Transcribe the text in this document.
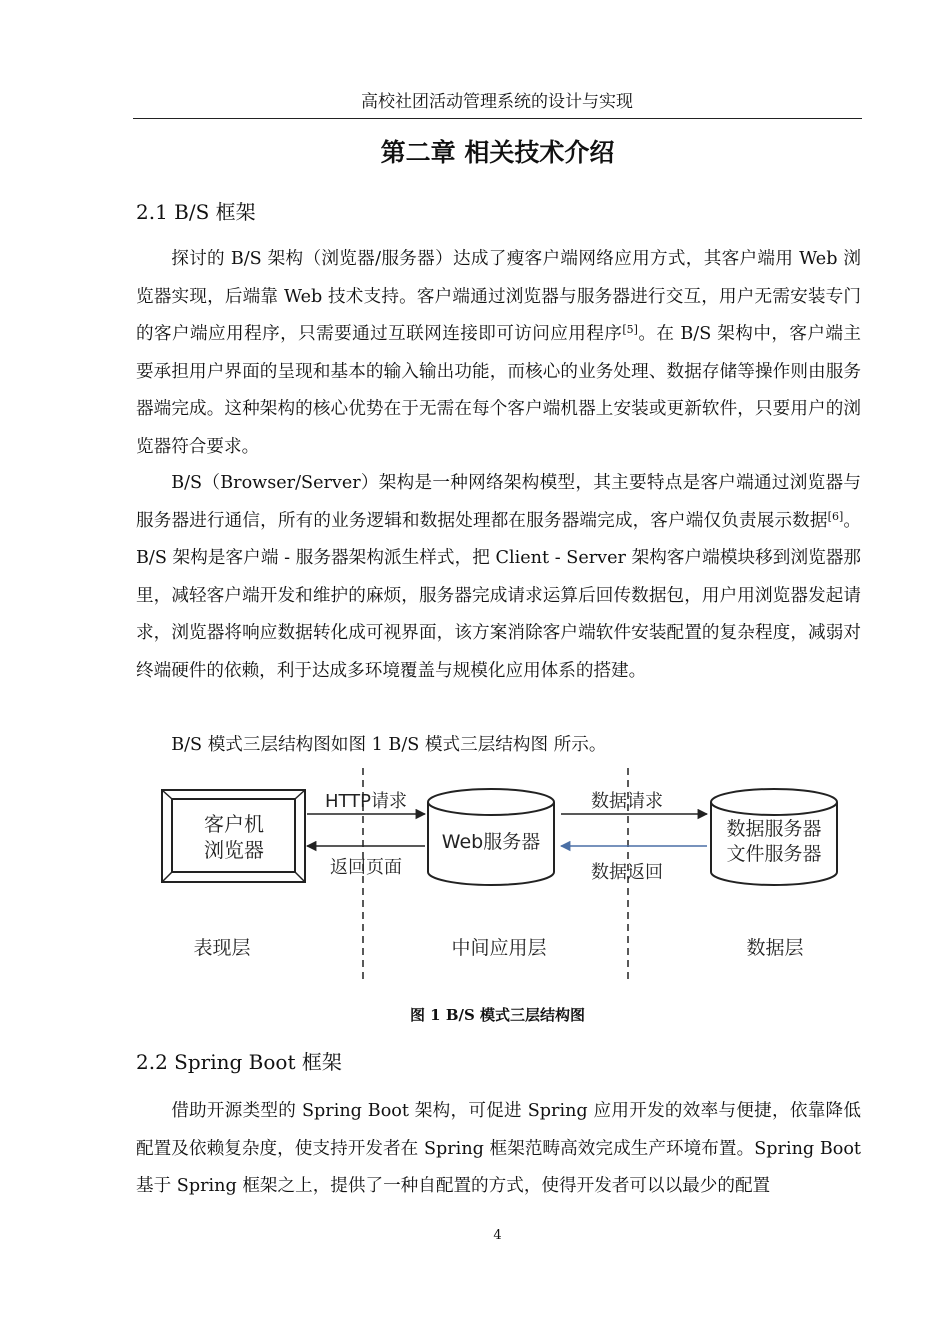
高校社团活动管理系统的设计与实现
第二章 相关技术介绍
2.1 B/S 框架

探讨的 B/S 架构（浏览器/服务器）达成了瘦客户端网络应用方式，其客户端用 Web 浏览器实现，后端靠 Web 技术支持。客户端通过浏览器与服务器进行交互，用户无需安装专门的客户端应用程序，只需要通过互联网连接即可访问应用程序[5]。在 B/S 架构中，客户端主要承担用户界面的呈现和基本的输入输出功能，而核心的业务处理、数据存储等操作则由服务器端完成。这种架构的核心优势在于无需在每个客户端机器上安装或更新软件，只要用户的浏览器符合要求。

B/S（Browser/Server）架构是一种网络架构模型，其主要特点是客户端通过浏览器与服务器进行通信，所有的业务逻辑和数据处理都在服务器端完成，客户端仅负责展示数据[6]。B/S 架构是客户端 - 服务器架构派生样式，把 Client - Server 架构客户端模块移到浏览器那里，减轻客户端开发和维护的麻烦，服务器完成请求运算后回传数据包，用户用浏览器发起请求，浏览器将响应数据转化成可视界面，该方案消除客户端软件安装配置的复杂程度，减弱对终端硬件的依赖，利于达成多环境覆盖与规模化应用体系的搭建。

B/S 模式三层结构图如图 1 B/S 模式三层结构图 所示。

客户机
浏览器	Web服务器
数据服务器
文件服务器
HTTP请求
返回页面
数据请求
数据返回
表现层	中间应用层	数据层
图 1 B/S 模式三层结构图
2.2 Spring Boot 框架

借助开源类型的 Spring Boot 架构，可促进 Spring 应用开发的效率与便捷，依靠降低配置及依赖复杂度，使支持开发者在 Spring 框架范畴高效完成生产环境布置。Spring Boot 基于 Spring 框架之上，提供了一种自配置的方式，使得开发者可以以最少的配置

4
